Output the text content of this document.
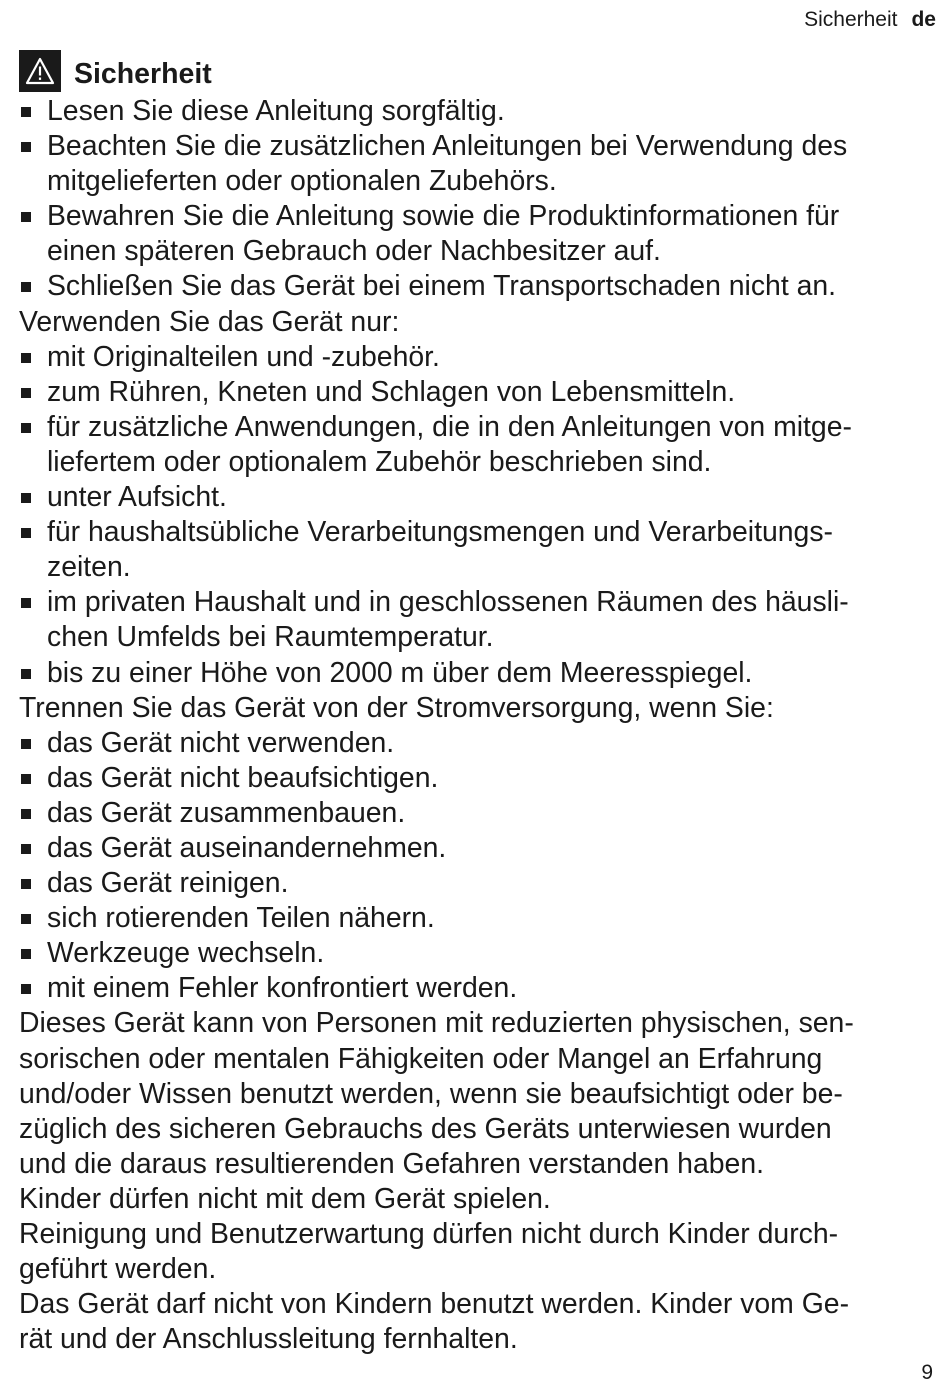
Sicherheit de
Sicherheit
Lesen Sie diese Anleitung sorgfältig.
Beachten Sie die zusätzlichen Anleitungen bei Verwendung des
mitgelieferten oder optionalen Zubehörs.
Bewahren Sie die Anleitung sowie die Produktinformationen für
einen späteren Gebrauch oder Nachbesitzer auf.
Schließen Sie das Gerät bei einem Transportschaden nicht an.

Verwenden Sie das Gerät nur:

mit Originalteilen und -zubehör.
zum Rühren, Kneten und Schlagen von Lebensmitteln.
für zusätzliche Anwendungen, die in den Anleitungen von mitge-
liefertem oder optionalem Zubehör beschrieben sind.
unter Aufsicht.
für haushaltsübliche Verarbeitungsmengen und Verarbeitungs-
zeiten.
im privaten Haushalt und in geschlossenen Räumen des häusli-
chen Umfelds bei Raumtemperatur.
bis zu einer Höhe von 2000 m über dem Meeresspiegel.

Trennen Sie das Gerät von der Stromversorgung, wenn Sie:

das Gerät nicht verwenden.
das Gerät nicht beaufsichtigen.
das Gerät zusammenbauen.
das Gerät auseinandernehmen.
das Gerät reinigen.
sich rotierenden Teilen nähern.
Werkzeuge wechseln.
mit einem Fehler konfrontiert werden.

Dieses Gerät kann von Personen mit reduzierten physischen, sen-
sorischen oder mentalen Fähigkeiten oder Mangel an Erfahrung
und/oder Wissen benutzt werden, wenn sie beaufsichtigt oder be-
züglich des sicheren Gebrauchs des Geräts unterwiesen wurden
und die daraus resultierenden Gefahren verstanden haben.

Kinder dürfen nicht mit dem Gerät spielen.

Reinigung und Benutzerwartung dürfen nicht durch Kinder durch-
geführt werden.

Das Gerät darf nicht von Kindern benutzt werden. Kinder vom Ge-
rät und der Anschlussleitung fernhalten.

9
